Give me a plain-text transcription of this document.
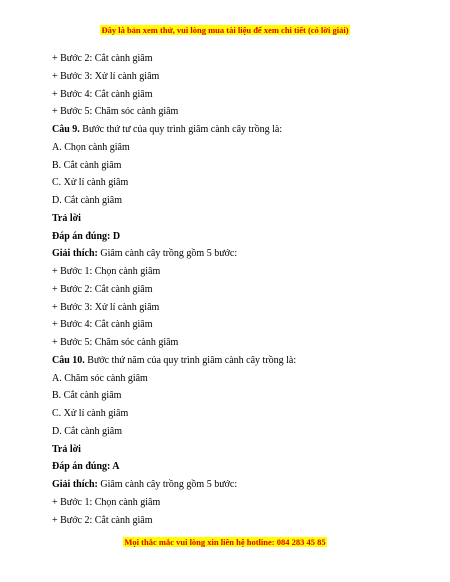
Đây là bản xem thử, vui lòng mua tài liệu để xem chi tiết (có lời giải)
+ Bước 2: Cắt cành giâm
+ Bước 3: Xử lí cành giâm
+ Bước 4: Cắt cành giâm
+ Bước 5: Chăm sóc cành giâm
Câu 9. Bước thứ tư của quy trình giâm cành cây trồng là:
A. Chọn cành giâm
B. Cắt cành giâm
C. Xử lí cành giâm
D. Cắt cành giâm
Trả lời
Đáp án đúng: D
Giải thích: Giâm cành cây trồng gồm 5 bước:
+ Bước 1: Chọn cành giâm
+ Bước 2: Cắt cành giâm
+ Bước 3: Xử lí cành giâm
+ Bước 4: Cắt cành giâm
+ Bước 5: Chăm sóc cành giâm
Câu 10. Bước thứ năm của quy trình giâm cành cây trồng là:
A. Chăm sóc cành giâm
B. Cắt cành giâm
C. Xử lí cành giâm
D. Cắt cành giâm
Trả lời
Đáp án đúng: A
Giải thích: Giâm cành cây trồng gồm 5 bước:
+ Bước 1: Chọn cành giâm
+ Bước 2: Cắt cành giâm
Mọi thắc mắc vui lòng xin liên hệ hotline: 084 283 45 85
